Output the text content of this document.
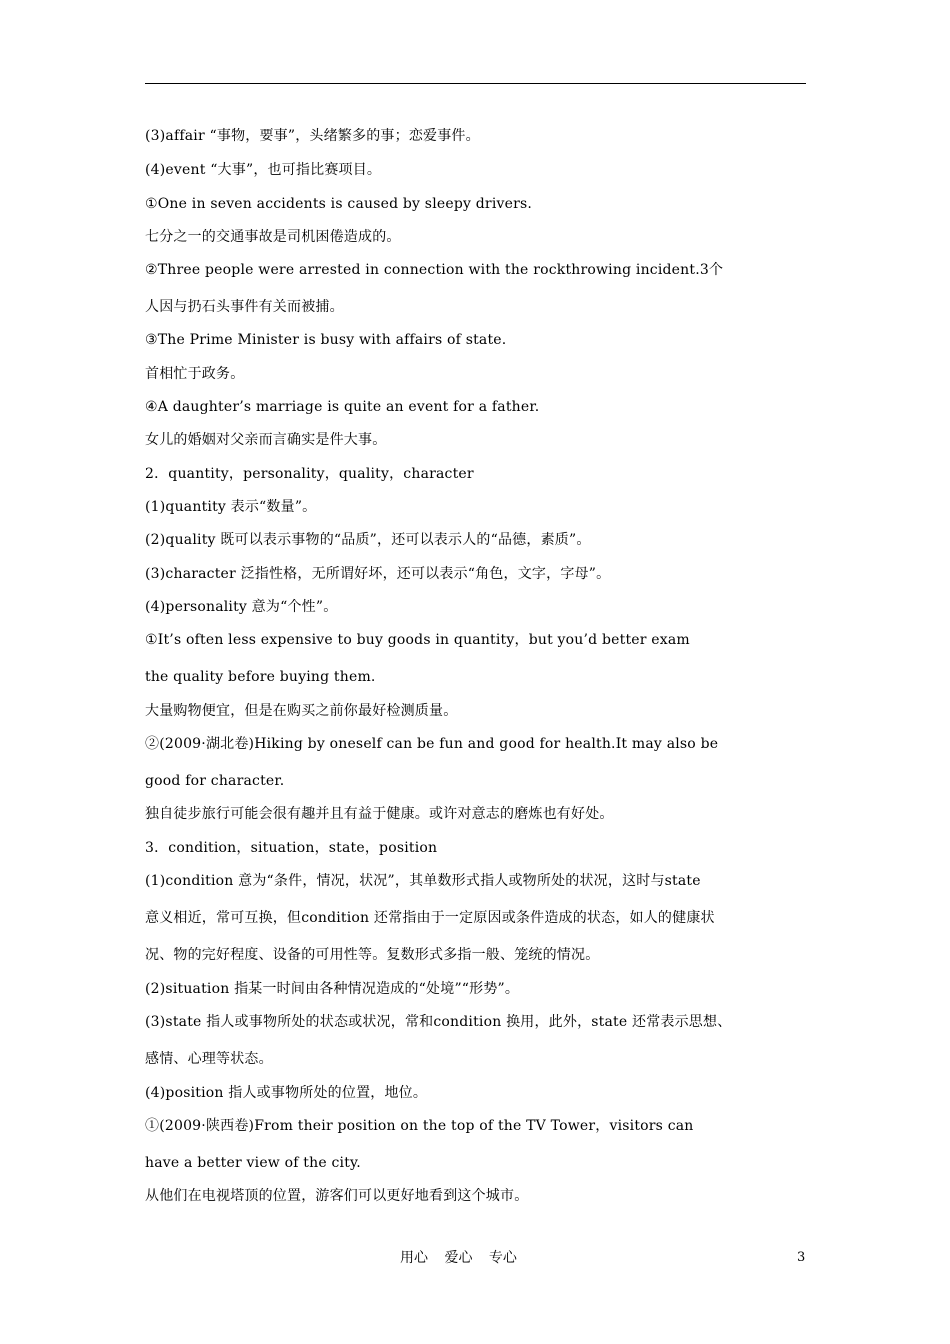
(3)affair “事物，要事”，头绪繁多的事；恋爱事件。
(4)event “大事”，也可指比赛项目。
①One in seven accidents is caused by sleepy drivers.
七分之一的交通事故是司机困倦造成的。
②Three people were arrested in connection with the rockthrowing incident.3个
人因与扔石头事件有关而被捕。
③The Prime Minister is busy with affairs of state.
首相忙于政务。
④A daughter’s marriage is quite an event for a father.
女儿的婚姻对父亲而言确实是件大事。
2．quantity，personality，quality，character
(1)quantity 表示“数量”。
(2)quality 既可以表示事物的“品质”，还可以表示人的“品德，素质”。
(3)character 泛指性格，无所谓好坏，还可以表示“角色，文字，字母”。
(4)personality 意为“个性”。
①It’s often less expensive to buy goods in quantity，but you’d better exam
the quality before buying them.
大量购物便宜，但是在购买之前你最好检测质量。
②(2009·湖北卷)Hiking by oneself can be fun and good for health.It may also be
good for character.
独自徒步旅行可能会很有趣并且有益于健康。或许对意志的磨炼也有好处。
3．condition，situation，state，position
(1)condition 意为“条件，情况，状况”，其单数形式指人或物所处的状况，这时与state
意义相近，常可互换，但condition 还常指由于一定原因或条件造成的状态，如人的健康状
况、物的完好程度、设备的可用性等。复数形式多指一般、笼统的情况。
(2)situation 指某一时间由各种情况造成的“处境”“形势”。
(3)state 指人或事物所处的状态或状况，常和condition 换用，此外，state 还常表示思想、
感情、心理等状态。
(4)position 指人或事物所处的位置，地位。
①(2009·陕西卷)From their position on the top of the TV Tower，visitors can
have a better view of the city.
从他们在电视塔顶的位置，游客们可以更好地看到这个城市。
用心 爱心 专心	3
